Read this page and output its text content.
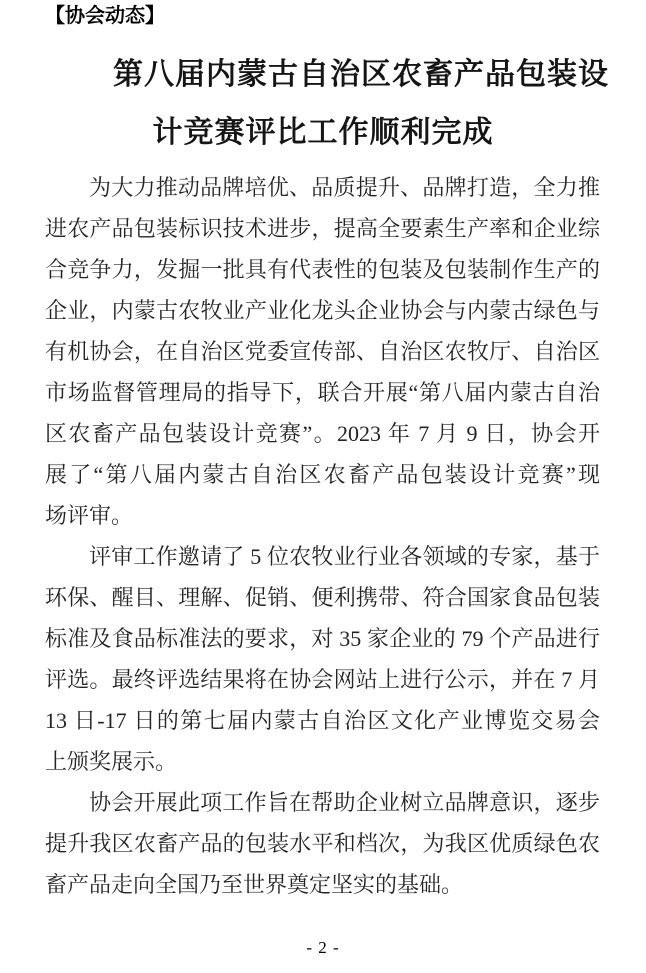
【协会动态】
第八届内蒙古自治区农畜产品包装设
计竞赛评比工作顺利完成
为大力推动品牌培优、品质提升、品牌打造，全力推
进农产品包装标识技术进步，提高全要素生产率和企业综
合竞争力，发掘一批具有代表性的包装及包装制作生产的
企业，内蒙古农牧业产业化龙头企业协会与内蒙古绿色与
有机协会，在自治区党委宣传部、自治区农牧厅、自治区
市场监督管理局的指导下，联合开展“第八届内蒙古自治
区农畜产品包装设计竞赛”。2023 年 7 月 9 日，协会开
展了“第八届内蒙古自治区农畜产品包装设计竞赛”现
场评审。
评审工作邀请了 5 位农牧业行业各领域的专家，基于
环保、醒目、理解、促销、便利携带、符合国家食品包装
标准及食品标准法的要求，对 35 家企业的 79 个产品进行
评选。最终评选结果将在协会网站上进行公示，并在 7 月
13 日-17 日的第七届内蒙古自治区文化产业博览交易会
上颁奖展示。
协会开展此项工作旨在帮助企业树立品牌意识，逐步
提升我区农畜产品的包装水平和档次，为我区优质绿色农
畜产品走向全国乃至世界奠定坚实的基础。
- 2 -
